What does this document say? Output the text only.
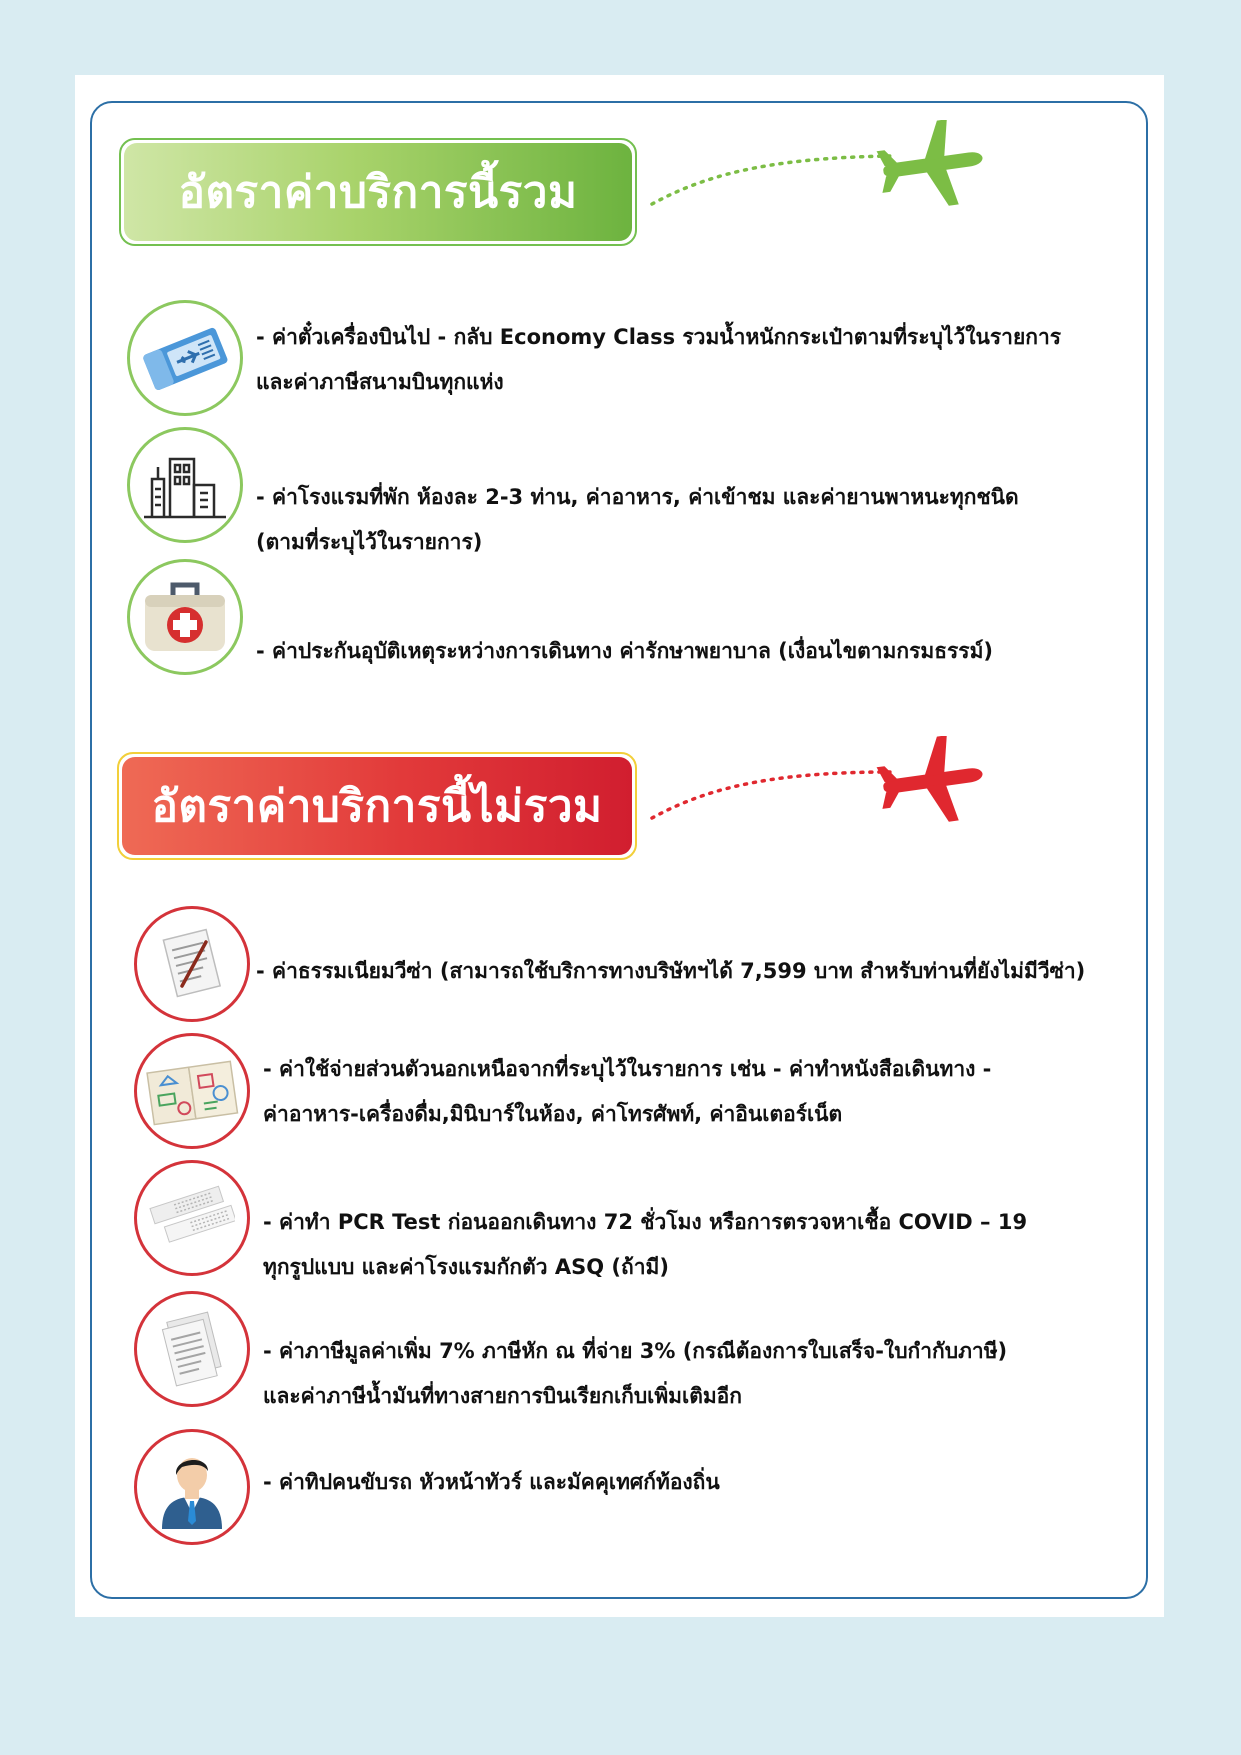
อัตราค่าบริการนี้รวม
- ค่าตั๋วเครื่องบินไป - กลับ Economy Class รวมน้ำหนักกระเป๋าตามที่ระบุไว้ในรายการ
และค่าภาษีสนามบินทุกแห่ง
- ค่าโรงแรมที่พัก ห้องละ 2-3 ท่าน, ค่าอาหาร, ค่าเข้าชม และค่ายานพาหนะทุกชนิด
(ตามที่ระบุไว้ในรายการ)
- ค่าประกันอุบัติเหตุระหว่างการเดินทาง ค่ารักษาพยาบาล (เงื่อนไขตามกรมธรรม์)
อัตราค่าบริการนี้ไม่รวม
- ค่าธรรมเนียมวีซ่า (สามารถใช้บริการทางบริษัทฯได้ 7,599 บาท สำหรับท่านที่ยังไม่มีวีซ่า)
- ค่าใช้จ่ายส่วนตัวนอกเหนือจากที่ระบุไว้ในรายการ เช่น - ค่าทำหนังสือเดินทาง -
ค่าอาหาร-เครื่องดื่ม,มินิบาร์ในห้อง, ค่าโทรศัพท์, ค่าอินเตอร์เน็ต
- ค่าทำ PCR Test ก่อนออกเดินทาง 72 ชั่วโมง หรือการตรวจหาเชื้อ COVID – 19
ทุกรูปแบบ และค่าโรงแรมกักตัว ASQ (ถ้ามี)
- ค่าภาษีมูลค่าเพิ่ม 7% ภาษีหัก ณ ที่จ่าย 3% (กรณีต้องการใบเสร็จ-ใบกำกับภาษี)
และค่าภาษีน้ำมันที่ทางสายการบินเรียกเก็บเพิ่มเติมอีก
- ค่าทิปคนขับรถ หัวหน้าทัวร์ และมัคคุเทศก์ท้องถิ่น
